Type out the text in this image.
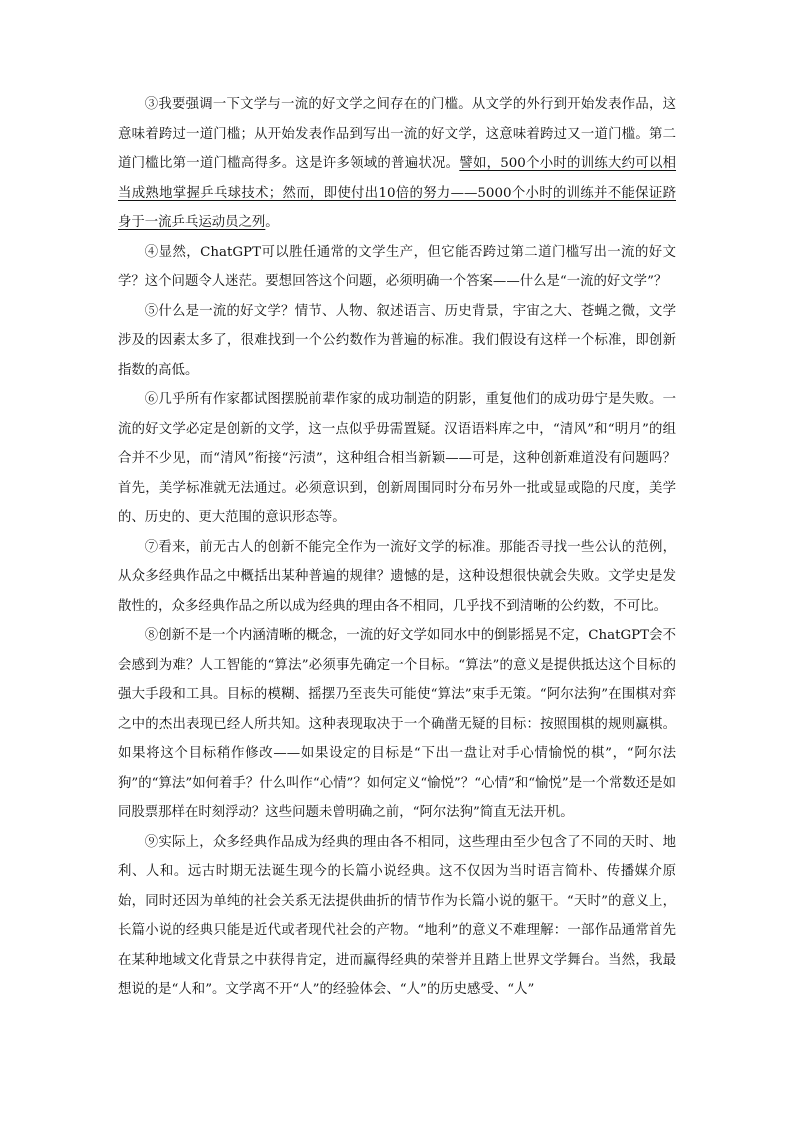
③我要强调一下文学与一流的好文学之间存在的门槛。从文学的外行到开始发表作品，这意味着跨过一道门槛；从开始发表作品到写出一流的好文学，这意味着跨过又一道门槛。第二道门槛比第一道门槛高得多。这是许多领域的普遍状况。譬如，500个小时的训练大约可以相当成熟地掌握乒乓球技术；然而，即使付出10倍的努力——5000个小时的训练并不能保证跻身于一流乒乓运动员之列。

④显然，ChatGPT可以胜任通常的文学生产，但它能否跨过第二道门槛写出一流的好文学？这个问题令人迷茫。要想回答这个问题，必须明确一个答案——什么是“一流的好文学”？

⑤什么是一流的好文学？情节、人物、叙述语言、历史背景，宇宙之大、苍蝇之微，文学涉及的因素太多了，很难找到一个公约数作为普遍的标准。我们假设有这样一个标准，即创新指数的高低。

⑥几乎所有作家都试图摆脱前辈作家的成功制造的阴影，重复他们的成功毋宁是失败。一流的好文学必定是创新的文学，这一点似乎毋需置疑。汉语语料库之中，“清风”和“明月”的组合并不少见，而“清风”衔接“污渍”，这种组合相当新颖——可是，这种创新难道没有问题吗？首先，美学标准就无法通过。必须意识到，创新周围同时分布另外一批或显或隐的尺度，美学的、历史的、更大范围的意识形态等。

⑦看来，前无古人的创新不能完全作为一流好文学的标准。那能否寻找一些公认的范例，从众多经典作品之中概括出某种普遍的规律？遗憾的是，这种设想很快就会失败。文学史是发散性的，众多经典作品之所以成为经典的理由各不相同，几乎找不到清晰的公约数，不可比。

⑧创新不是一个内涵清晰的概念，一流的好文学如同水中的倒影摇晃不定，ChatGPT会不会感到为难？人工智能的“算法”必须事先确定一个目标。“算法”的意义是提供抵达这个目标的强大手段和工具。目标的模糊、摇摆乃至丧失可能使“算法”束手无策。“阿尔法狗”在围棋对弈之中的杰出表现已经人所共知。这种表现取决于一个确凿无疑的目标：按照围棋的规则赢棋。如果将这个目标稍作修改——如果设定的目标是“下出一盘让对手心情愉悦的棋”，“阿尔法狗”的“算法”如何着手？什么叫作“心情”？如何定义“愉悦”？“心情”和“愉悦”是一个常数还是如同股票那样在时刻浮动？这些问题未曾明确之前，“阿尔法狗”简直无法开机。

⑨实际上，众多经典作品成为经典的理由各不相同，这些理由至少包含了不同的天时、地利、人和。远古时期无法诞生现今的长篇小说经典。这不仅因为当时语言简朴、传播媒介原始，同时还因为单纯的社会关系无法提供曲折的情节作为长篇小说的躯干。“天时”的意义上，长篇小说的经典只能是近代或者现代社会的产物。“地利”的意义不难理解：一部作品通常首先在某种地域文化背景之中获得肯定，进而赢得经典的荣誉并且踏上世界文学舞台。当然，我最想说的是“人和”。文学离不开“人”的经验体会、“人”的历史感受、“人”
